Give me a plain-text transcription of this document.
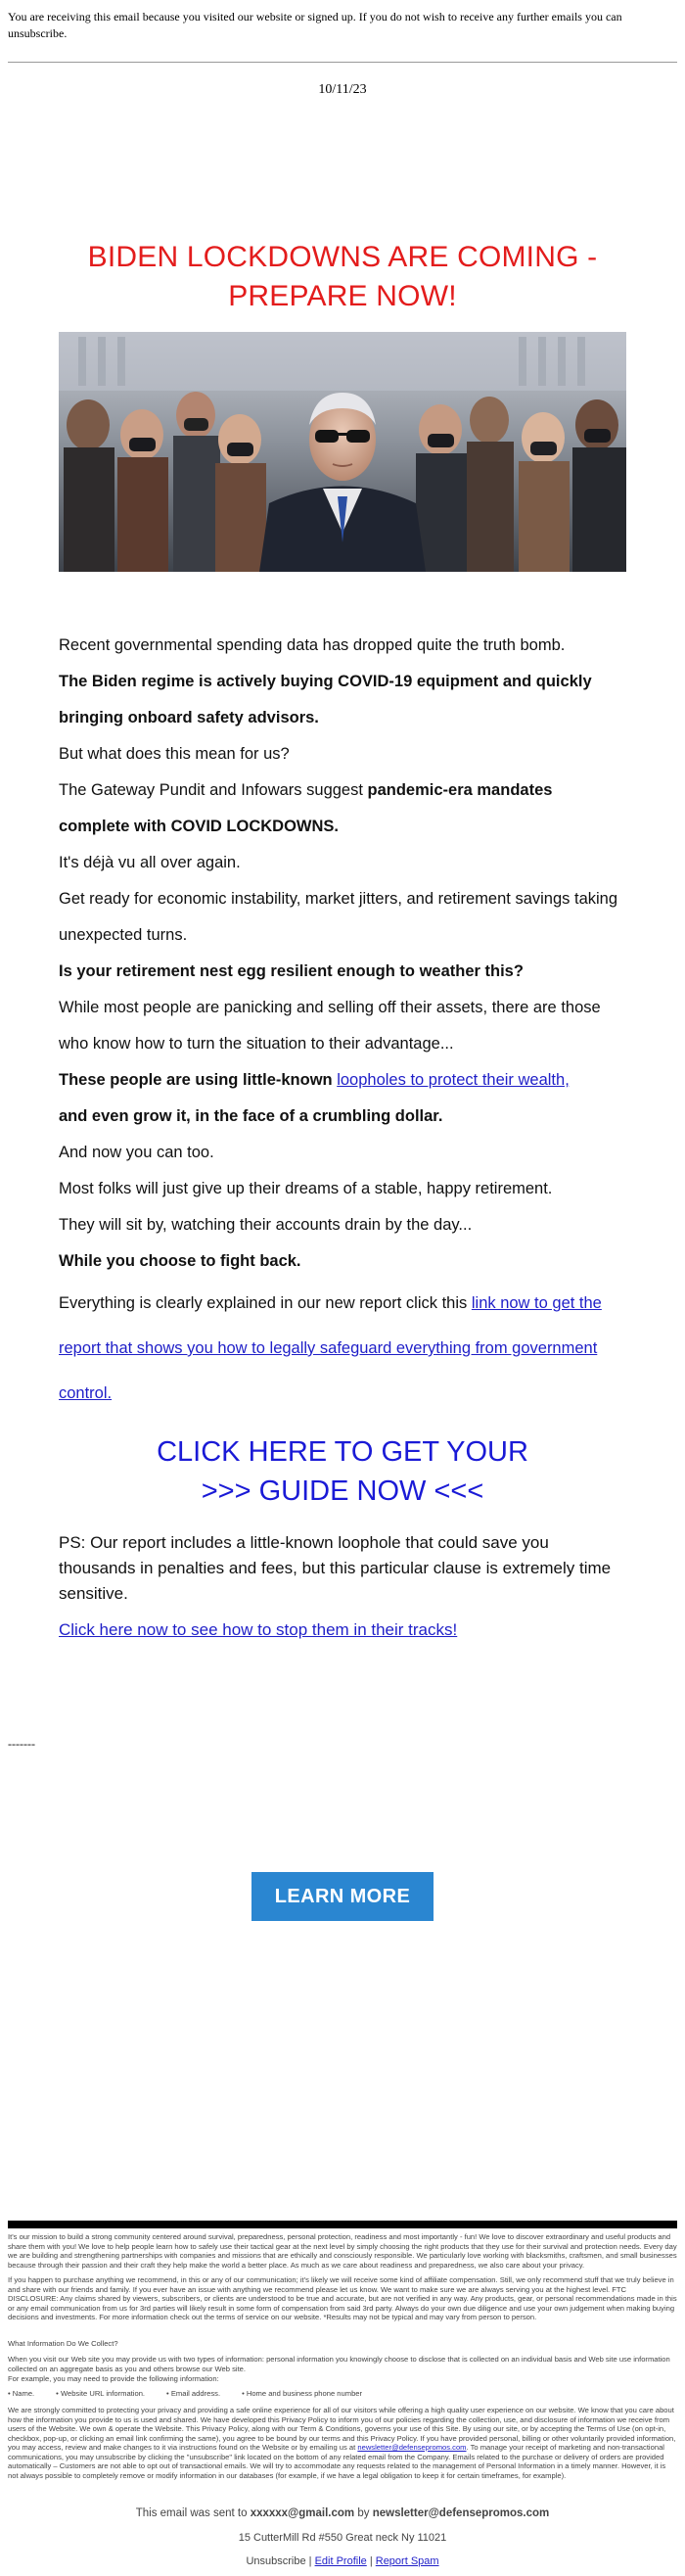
You are receiving this email because you visited our website or signed up. If you do not wish to receive any further emails you can unsubscribe.
10/11/23
BIDEN LOCKDOWNS ARE COMING -
PREPARE NOW!
Recent governmental spending data has dropped quite the truth bomb.
The Biden regime is actively buying COVID-19 equipment and quickly bringing onboard safety advisors.
But what does this mean for us?
The Gateway Pundit and Infowars suggest pandemic-era mandates complete with COVID LOCKDOWNS.
It's déjà vu all over again.
Get ready for economic instability, market jitters, and retirement savings taking unexpected turns.
Is your retirement nest egg resilient enough to weather this?
While most people are panicking and selling off their assets, there are those who know how to turn the situation to their advantage...
These people are using little-known loopholes to protect their wealth,
and even grow it, in the face of a crumbling dollar.
And now you can too.
Most folks will just give up their dreams of a stable, happy retirement.
They will sit by, watching their accounts drain by the day...
While you choose to fight back.
Everything is clearly explained in our new report click this link now to get the report that shows you how to legally safeguard everything from government control.
CLICK HERE TO GET YOUR
>>> GUIDE NOW <<<
PS: Our report includes a little-known loophole that could save you thousands in penalties and fees, but this particular clause is extremely time sensitive.
Click here now to see how to stop them in their tracks!
-------
LEARN MORE
It's our mission to build a strong community centered around survival, preparedness, personal protection, readiness and most importantly - fun! We love to discover extraordinary and useful products and share them with you! We love to help people learn how to safely use their tactical gear at the next level by simply choosing the right products that they use for their survival and protection needs. Every day we are building and strengthening partnerships with companies and missions that are ethically and consciously responsible. We particularly love working with blacksmiths, craftsmen, and small businesses because through their passion and their craft they help make the world a better place. As much as we care about readiness and preparedness, we also care about your privacy.
If you happen to purchase anything we recommend, in this or any of our communication; it's likely we will receive some kind of affiliate compensation. Still, we only recommend stuff that we truly believe in and share with our friends and family. If you ever have an issue with anything we recommend please let us know. We want to make sure we are always serving you at the highest level. FTC DISCLOSURE: Any claims shared by viewers, subscribers, or clients are understood to be true and accurate, but are not verified in any way. Any products, gear, or personal recommendations made in this or any email communication from us for 3rd parties will likely result in some form of compensation from said 3rd party. Always do your own due diligence and use your own judgement when making buying decisions and investments. For more information check out the terms of service on our website. *Results may not be typical and may vary from person to person.
What Information Do We Collect?
When you visit our Web site you may provide us with two types of information: personal information you knowingly choose to disclose that is collected on an individual basis and Web site use information collected on an aggregate basis as you and others browse our Web site.
For example, you may need to provide the following information:
• Name.	• Website URL information.	• Email address.	• Home and business phone number
We are strongly committed to protecting your privacy and providing a safe online experience for all of our visitors while offering a high quality user experience on our website. We know that you care about how the information you provide to us is used and shared. We have developed this Privacy Policy to inform you of our policies regarding the collection, use, and disclosure of information we receive from users of the Website. We own & operate the Website. This Privacy Policy, along with our Term & Conditions, governs your use of this Site. By using our site, or by accepting the Terms of Use (on opt-in, checkbox, pop-up, or clicking an email link confirming the same), you agree to be bound by our terms and this Privacy Policy. If you have provided personal, billing or other voluntarily provided information, you may access, review and make changes to it via instructions found on the Website or by emailing us at newsletter@defensepromos.com. To manage your receipt of marketing and non-transactional communications, you may unsubscribe by clicking the "unsubscribe" link located on the bottom of any related email from the Company. Emails related to the purchase or delivery of orders are provided automatically – Customers are not able to opt out of transactional emails. We will try to accommodate any requests related to the management of Personal Information in a timely manner. However, it is not always possible to completely remove or modify information in our databases (for example, if we have a legal obligation to keep it for certain timeframes, for example).
This email was sent to xxxxxx@gmail.com by newsletter@defensepromos.com
15 CutterMill Rd #550 Great neck Ny 11021
Unsubscribe | Edit Profile | Report Spam
